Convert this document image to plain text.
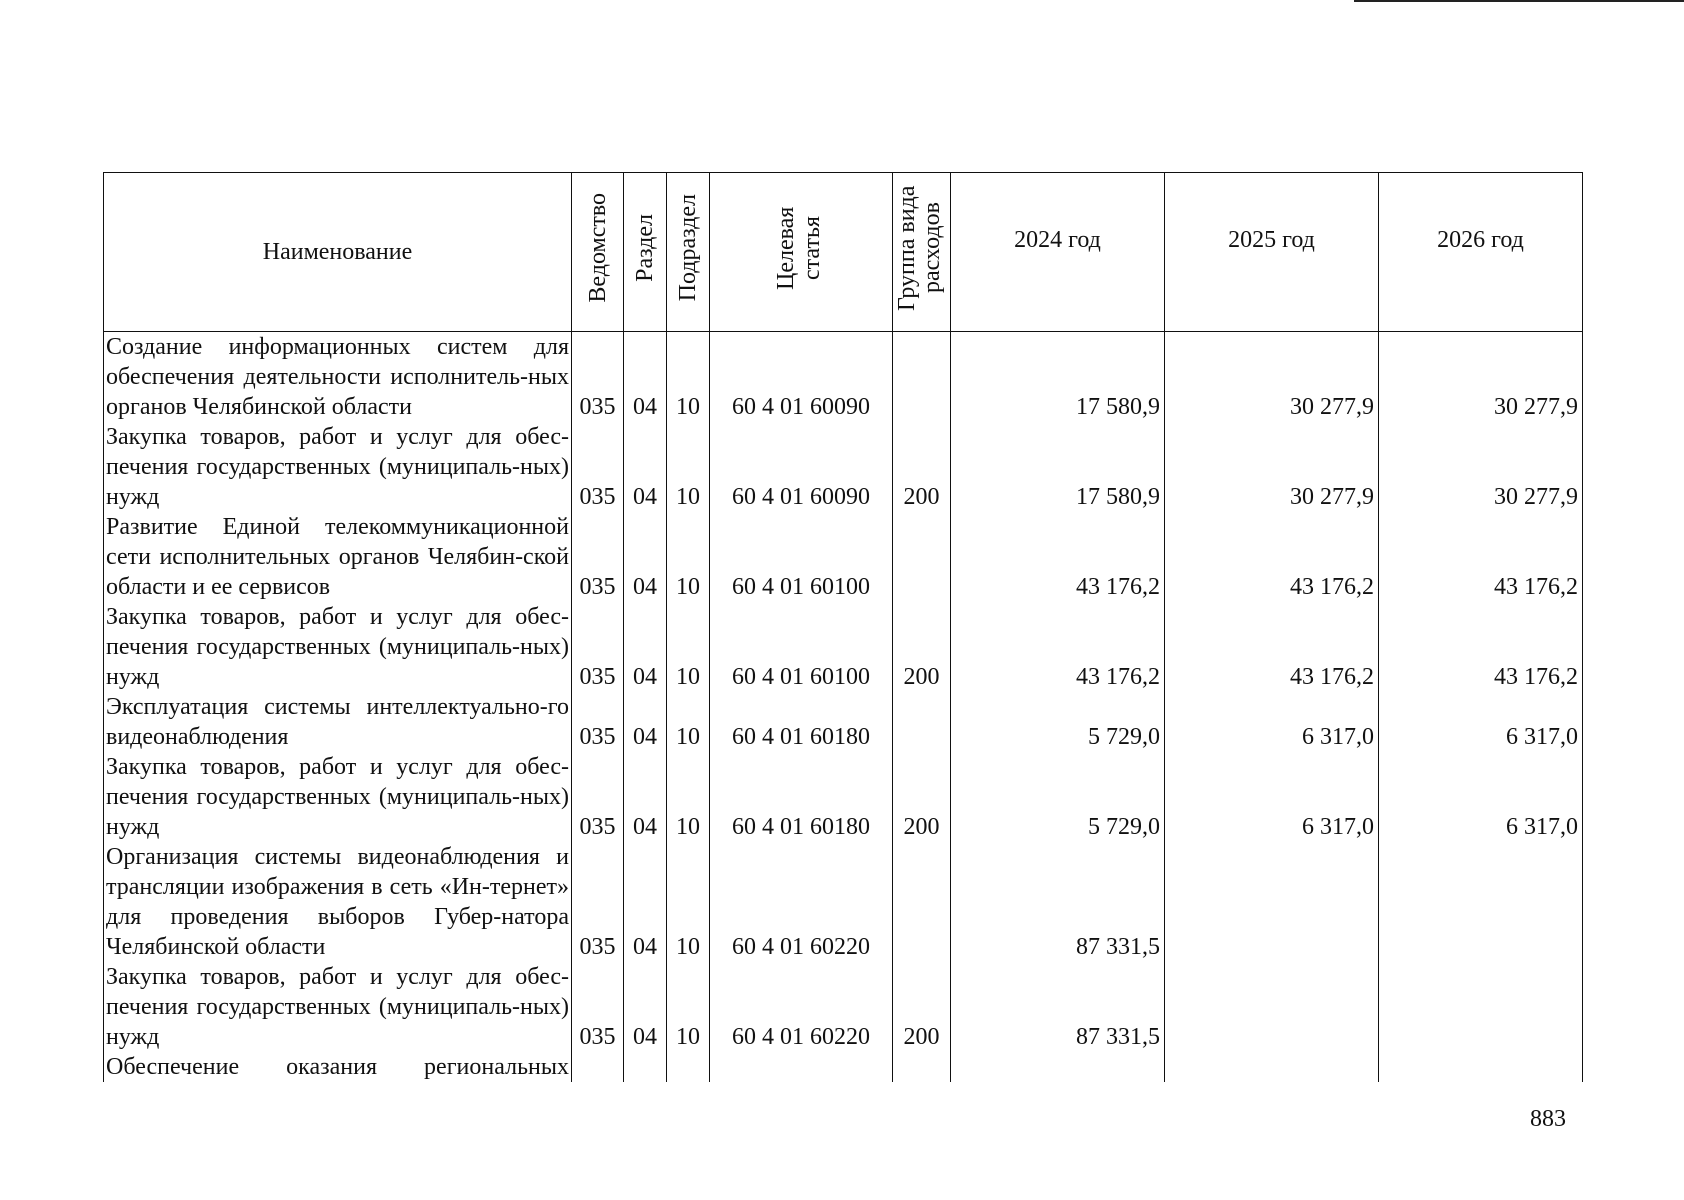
Наименование	Ведомство	Раздел	Подраздел	Целевая статья	Группа вида расходов	2024 год	2025 год	2026 год
Создание информационных систем для обеспечения деятельности исполнитель-ных органов Челябинской области	035	04	10	60 4 01 60090		17 580,9	30 277,9	30 277,9
Закупка товаров, работ и услуг для обес-печения государственных (муниципаль-ных) нужд	035	04	10	60 4 01 60090	200	17 580,9	30 277,9	30 277,9
Развитие Единой телекоммуникационной сети исполнительных органов Челябин-ской области и ее сервисов	035	04	10	60 4 01 60100		43 176,2	43 176,2	43 176,2
Закупка товаров, работ и услуг для обес-печения государственных (муниципаль-ных) нужд	035	04	10	60 4 01 60100	200	43 176,2	43 176,2	43 176,2
Эксплуатация системы интеллектуально-го видеонаблюдения	035	04	10	60 4 01 60180		5 729,0	6 317,0	6 317,0
Закупка товаров, работ и услуг для обес-печения государственных (муниципаль-ных) нужд	035	04	10	60 4 01 60180	200	5 729,0	6 317,0	6 317,0
Организация системы видеонаблюдения и трансляции изображения в сеть «Ин-тернет» для проведения выборов Губер-натора Челябинской области	035	04	10	60 4 01 60220		87 331,5		
Закупка товаров, работ и услуг для обес-печения государственных (муниципаль-ных) нужд	035	04	10	60 4 01 60220	200	87 331,5		
Обеспечение оказания региональных								
883
